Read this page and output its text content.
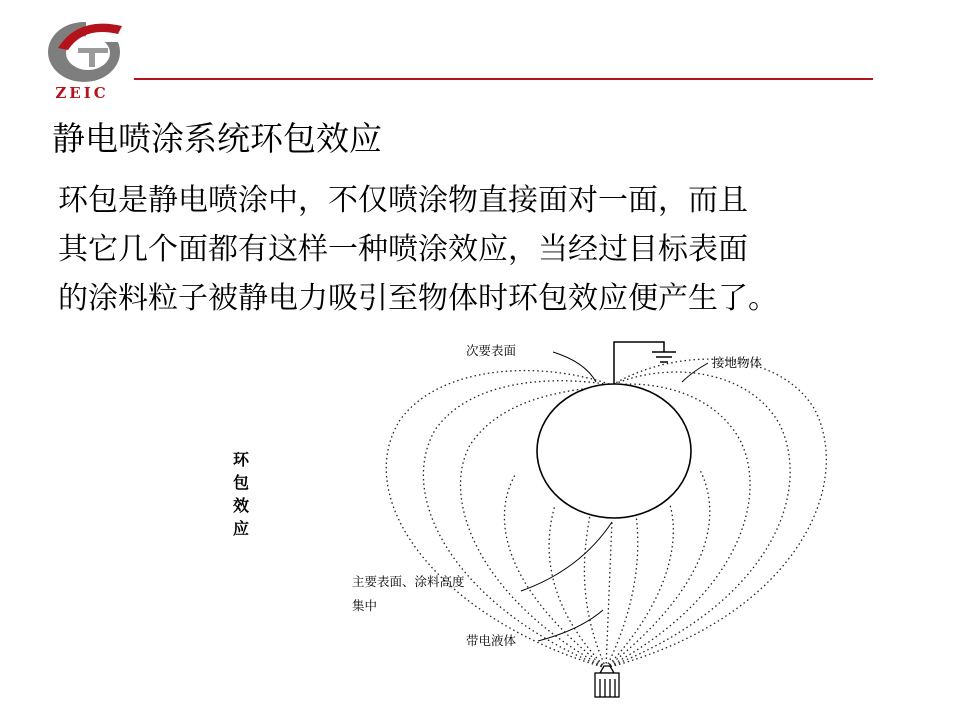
ZEIC
静电喷涂系统环包效应
环包是静电喷涂中，不仅喷涂物直接面对一面，而且
其它几个面都有这样一种喷涂效应，当经过目标表面
的涂料粒子被静电力吸引至物体时环包效应便产生了。
环
包
效
应
次要表面
接地物体
主要表面、涂料高度
集中
带电液体
